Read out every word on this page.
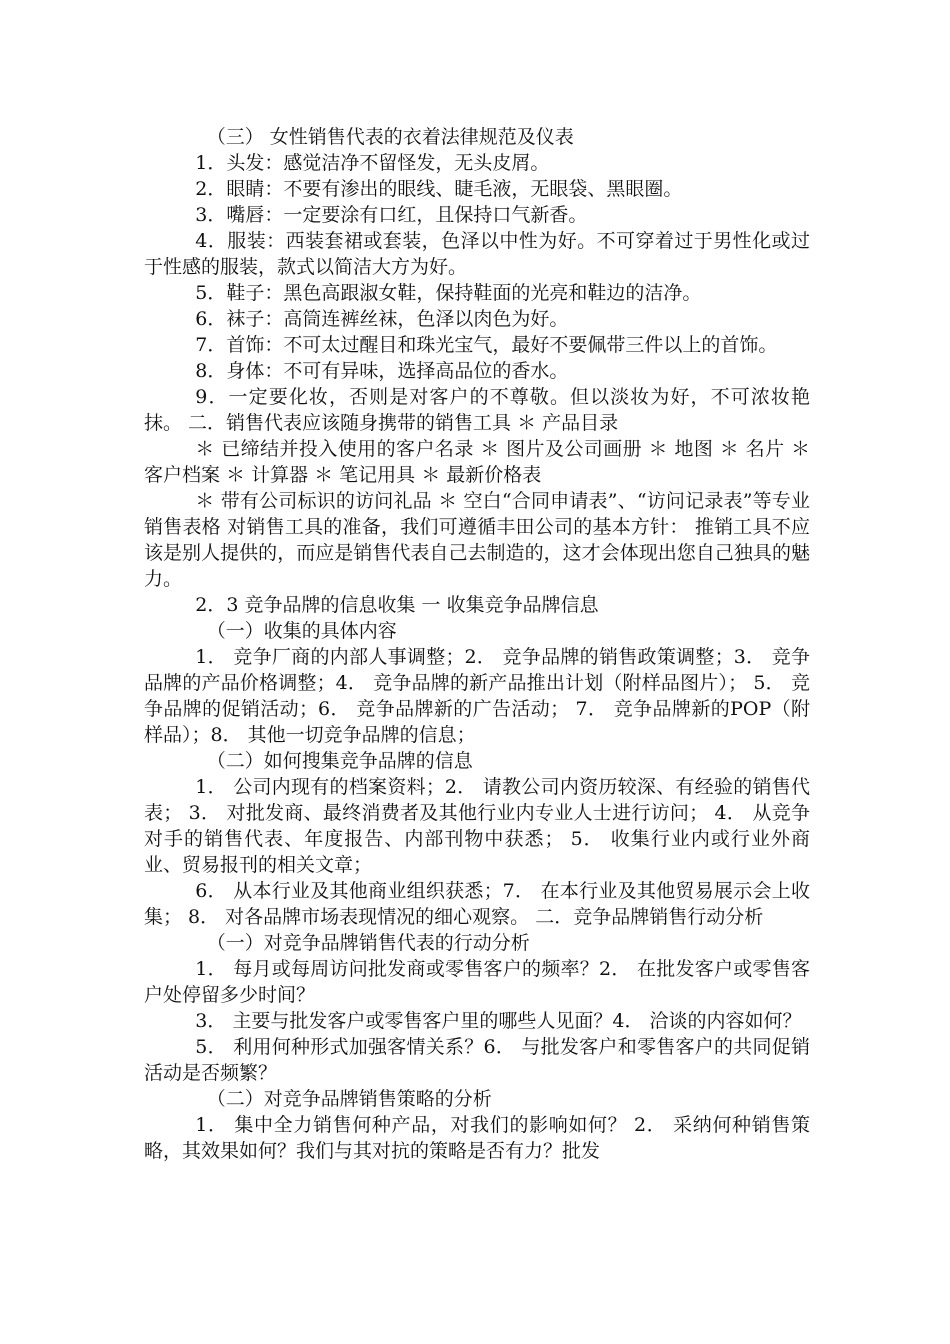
（三） 女性销售代表的衣着法律规范及仪表

1．头发：感觉洁净不留怪发，无头皮屑。

2．眼睛：不要有渗出的眼线、睫毛液，无眼袋、黑眼圈。

3．嘴唇：一定要涂有口红，且保持口气新香。

4．服装：西装套裙或套装，色泽以中性为好。不可穿着过于男性化或过于性感的服装，款式以简洁大方为好。

5．鞋子：黑色高跟淑女鞋，保持鞋面的光亮和鞋边的洁净。

6．袜子：高筒连裤丝袜，色泽以肉色为好。

7．首饰：不可太过醒目和珠光宝气，最好不要佩带三件以上的首饰。

8．身体：不可有异味，选择高品位的香水。

9．一定要化妆，否则是对客户的不尊敬。但以淡妆为好，不可浓妆艳抹。 二．销售代表应该随身携带的销售工具 ＊ 产品目录

＊ 已缔结并投入使用的客户名录 ＊ 图片及公司画册 ＊ 地图 ＊ 名片 ＊ 客户档案 ＊ 计算器 ＊ 笔记用具 ＊ 最新价格表

＊ 带有公司标识的访问礼品 ＊ 空白“合同申请表”、“访问记录表”等专业销售表格 对销售工具的准备，我们可遵循丰田公司的基本方针： 推销工具不应该是别人提供的，而应是销售代表自己去制造的，这才会体现出您自己独具的魅力。

2．3 竞争品牌的信息收集 一 收集竞争品牌信息

（一）收集的具体内容

1． 竞争厂商的内部人事调整；2． 竞争品牌的销售政策调整；3． 竞争品牌的产品价格调整；4． 竞争品牌的新产品推出计划（附样品图片）； 5． 竞争品牌的促销活动；6． 竞争品牌新的广告活动； 7． 竞争品牌新的POP（附样品）；8． 其他一切竞争品牌的信息；

（二）如何搜集竞争品牌的信息

1． 公司内现有的档案资料；2． 请教公司内资历较深、有经验的销售代表； 3． 对批发商、最终消费者及其他行业内专业人士进行访问； 4． 从竞争对手的销售代表、年度报告、内部刊物中获悉； 5． 收集行业内或行业外商业、贸易报刊的相关文章；

6． 从本行业及其他商业组织获悉；7． 在本行业及其他贸易展示会上收集； 8． 对各品牌市场表现情况的细心观察。 二．竞争品牌销售行动分析

（一）对竞争品牌销售代表的行动分析

1． 每月或每周访问批发商或零售客户的频率？2． 在批发客户或零售客户处停留多少时间？

3． 主要与批发客户或零售客户里的哪些人见面？4． 洽谈的内容如何？

5． 利用何种形式加强客情关系？6． 与批发客户和零售客户的共同促销活动是否频繁？

（二）对竞争品牌销售策略的分析

1． 集中全力销售何种产品，对我们的影响如何？ 2． 采纳何种销售策略，其效果如何？我们与其对抗的策略是否有力？批发
